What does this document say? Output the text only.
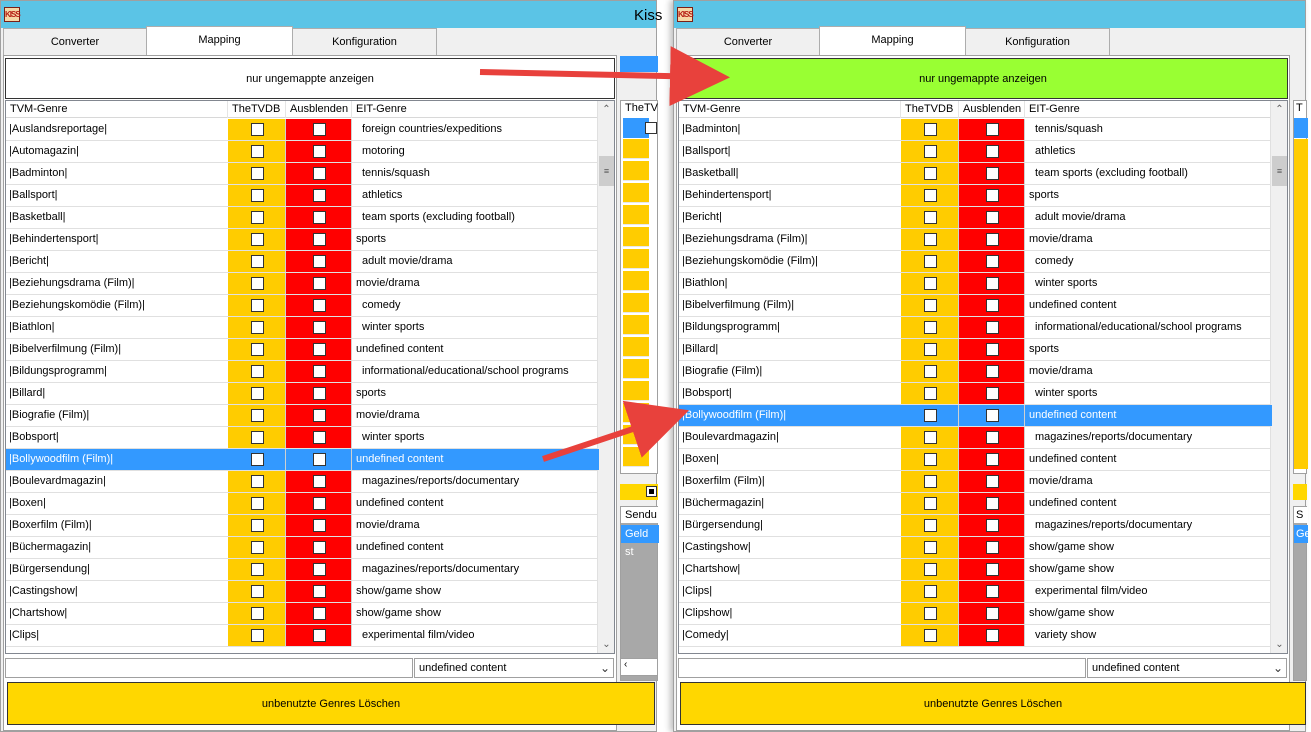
KISS	Kiss
Converter	Mapping	Konfiguration
nur ungemappte anzeigen
TVM-Genre	TheTVDB Ausblenden EIT-Genre	⌃
≡
⌄
|Auslandsreportage|	foreign countries/expeditions
|Automagazin|	motoring
|Badminton|	tennis/squash
|Ballsport|	athletics
|Basketball|	team sports (excluding football)
|Behindertensport|	sports
|Bericht|	adult movie/drama
|Beziehungsdrama (Film)|	movie/drama
|Beziehungskomödie (Film)|	comedy
|Biathlon|	winter sports
|Bibelverfilmung (Film)|	undefined content
|Bildungsprogramm|	informational/educational/school programs
|Billard|	sports
|Biografie (Film)|	movie/drama
|Bobsport|	winter sports
|Bollywoodfilm (Film)|	undefined content
|Boulevardmagazin|	magazines/reports/documentary
|Boxen|	undefined content
|Boxerfilm (Film)|	movie/drama
|Büchermagazin|	undefined content
|Bürgersendung|	magazines/reports/documentary
|Castingshow|	show/game show
|Chartshow|	show/game show
|Clips|	experimental film/video
undefined content	⌄
unbenutzte Genres Löschen
TheTV
Sendu
Geld st
‹
KISS
Converter	Mapping	Konfiguration
nur ungemappte anzeigen
TVM-Genre	TheTVDB Ausblenden EIT-Genre	⌃
≡
⌄
|Badminton|	tennis/squash
|Ballsport|	athletics
|Basketball|	team sports (excluding football)
|Behindertensport|	sports
|Bericht|	adult movie/drama
|Beziehungsdrama (Film)|	movie/drama
|Beziehungskomödie (Film)|	comedy
|Biathlon|	winter sports
|Bibelverfilmung (Film)|	undefined content
|Bildungsprogramm|	informational/educational/school programs
|Billard|	sports
|Biografie (Film)|	movie/drama
|Bobsport|	winter sports
|Bollywoodfilm (Film)|	undefined content
|Boulevardmagazin|	magazines/reports/documentary
|Boxen|	undefined content
|Boxerfilm (Film)|	movie/drama
|Büchermagazin|	undefined content
|Bürgersendung|	magazines/reports/documentary
|Castingshow|	show/game show
|Chartshow|	show/game show
|Clips|	experimental film/video
|Clipshow|	show/game show
|Comedy|	variety show
undefined content	⌄
unbenutzte Genres Löschen
T
S
Ge
